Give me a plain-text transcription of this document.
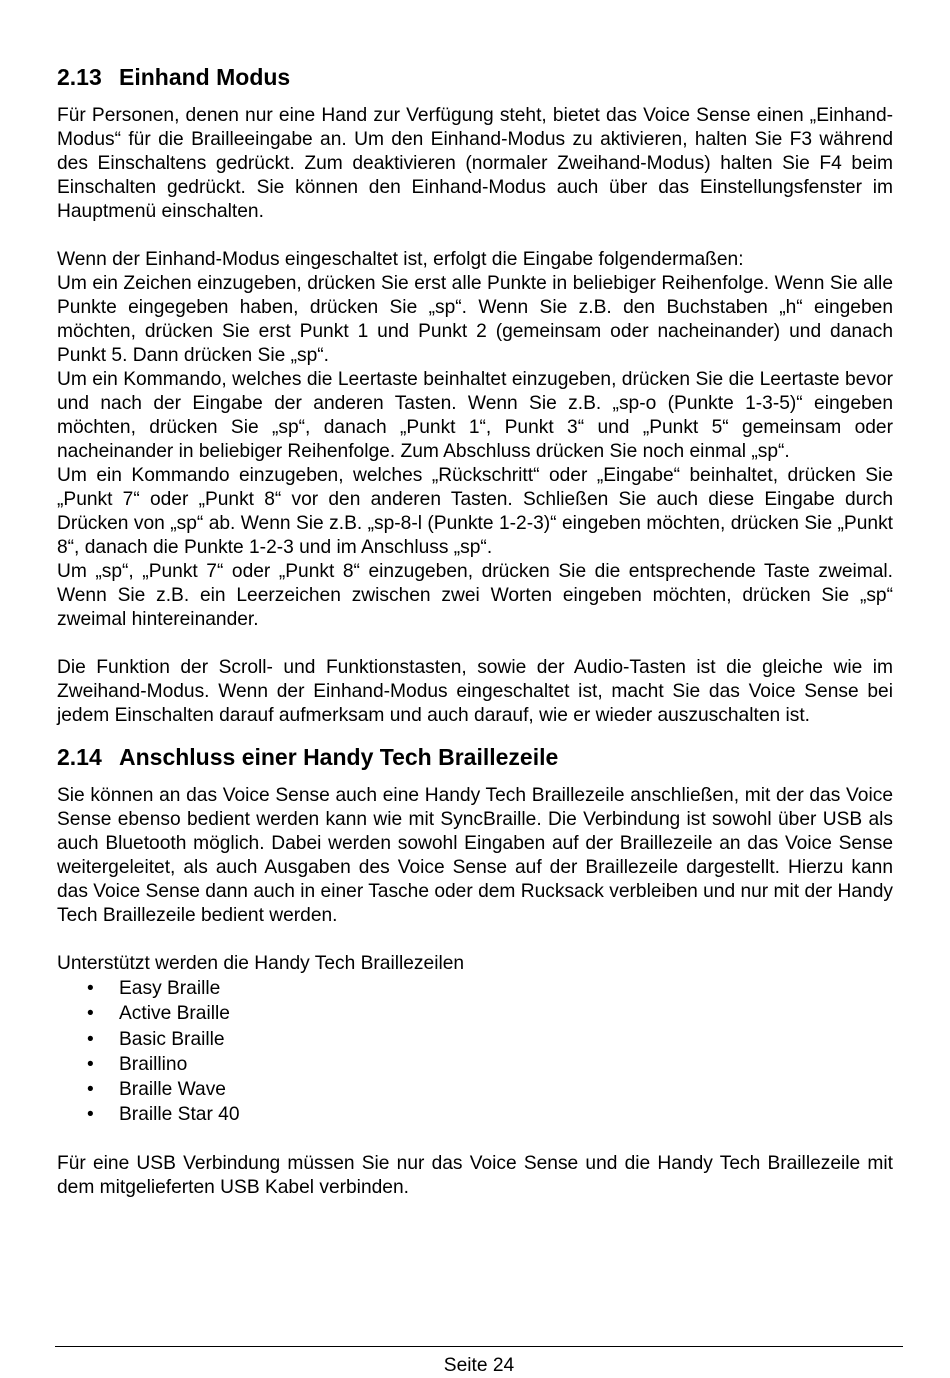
2.13 Einhand Modus

Für Personen, denen nur eine Hand zur Verfügung steht, bietet das Voice Sense einen „Einhand-Modus“ für die Brailleeingabe an. Um den Einhand-Modus zu aktivieren, halten Sie F3 während des Einschaltens gedrückt. Zum deaktivieren (normaler Zweihand-Modus) halten Sie F4 beim Einschalten gedrückt. Sie können den Einhand-Modus auch über das Einstellungsfenster im Hauptmenü einschalten.

Wenn der Einhand-Modus eingeschaltet ist, erfolgt die Eingabe folgendermaßen:

Um ein Zeichen einzugeben, drücken Sie erst alle Punkte in beliebiger Reihenfolge. Wenn Sie alle Punkte eingegeben haben, drücken Sie „sp“. Wenn Sie z.B. den Buchstaben „h“ eingeben möchten, drücken Sie erst Punkt 1 und Punkt 2 (gemeinsam oder nacheinander) und danach Punkt 5. Dann drücken Sie „sp“.

Um ein Kommando, welches die Leertaste beinhaltet einzugeben, drücken Sie die Leertaste bevor und nach der Eingabe der anderen Tasten. Wenn Sie z.B. „sp-o (Punkte 1-3-5)“ eingeben möchten, drücken Sie „sp“, danach „Punkt 1“, Punkt 3“ und „Punkt 5“ gemeinsam oder nacheinander in beliebiger Reihenfolge. Zum Abschluss drücken Sie noch einmal „sp“.

Um ein Kommando einzugeben, welches „Rückschritt“ oder „Eingabe“ beinhaltet, drücken Sie „Punkt 7“ oder „Punkt 8“ vor den anderen Tasten. Schließen Sie auch diese Eingabe durch Drücken von „sp“ ab. Wenn Sie z.B. „sp-8-l (Punkte 1-2-3)“ eingeben möchten, drücken Sie „Punkt 8“, danach die Punkte 1-2-3 und im Anschluss „sp“.

Um „sp“, „Punkt 7“ oder „Punkt 8“ einzugeben, drücken Sie die entsprechende Taste zweimal. Wenn Sie z.B. ein Leerzeichen zwischen zwei Worten eingeben möchten, drücken Sie „sp“ zweimal hintereinander.

Die Funktion der Scroll- und Funktionstasten, sowie der Audio-Tasten ist die gleiche wie im Zweihand-Modus. Wenn der Einhand-Modus eingeschaltet ist, macht Sie das Voice Sense bei jedem Einschalten darauf aufmerksam und auch darauf, wie er wieder auszuschalten ist.

2.14 Anschluss einer Handy Tech Braillezeile

Sie können an das Voice Sense auch eine Handy Tech Braillezeile anschließen, mit der das Voice Sense ebenso bedient werden kann wie mit SyncBraille. Die Verbindung ist sowohl über USB als auch Bluetooth möglich. Dabei werden sowohl Eingaben auf der Braillezeile an das Voice Sense weitergeleitet, als auch Ausgaben des Voice Sense auf der Braillezeile dargestellt. Hierzu kann das Voice Sense dann auch in einer Tasche oder dem Rucksack verbleiben und nur mit der Handy Tech Braillezeile bedient werden.

Unterstützt werden die Handy Tech Braillezeilen

• Easy Braille
• Active Braille
• Basic Braille
• Braillino
• Braille Wave
• Braille Star 40

Für eine USB Verbindung müssen Sie nur das Voice Sense und die Handy Tech Braillezeile mit dem mitgelieferten USB Kabel verbinden.

Seite 24
